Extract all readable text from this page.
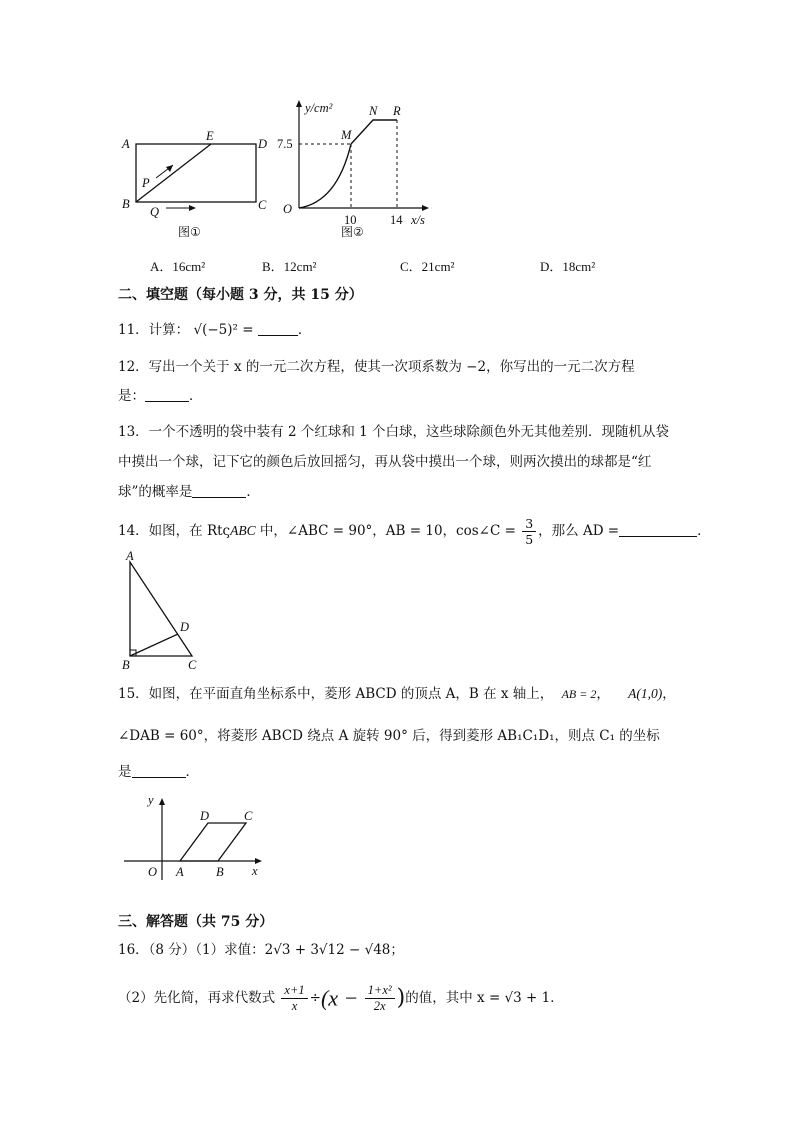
A
B	C
D
E
P
Q
图①
y/cm²
x/s
O
7.5
10	14
M
N R
图②
A．16cm²	B．12cm²	C．21cm²	D．18cm²
二、填空题（每小题 3 分，共 15 分）
11．计算： √(−5)² =	．
12．写出一个关于 x 的一元二次方程，使其一次项系数为 −2，你写出的一元二次方程
是：	．
13．一个不透明的袋中装有 2 个红球和 1 个白球，这些球除颜色外无其他差别．现随机从袋
中摸出一个球，记下它的颜色后放回摇匀，再从袋中摸出一个球，则两次摸出的球都是“红
球”的概率是	．
14．如图，在 RtςABC 中，∠ABC = 90°，AB = 10，cos∠C = $\frac{3}{5}$ ，那么 AD =	．
A
B	C
D
15．如图，在平面直角坐标系中，菱形 ABCD 的顶点 A，B 在 x 轴上， AB = 2， A(1,0)，
∠DAB = 60°，将菱形 ABCD 绕点 A 旋转 90° 后，得到菱形 AB₁C₁D₁，则点 C₁ 的坐标
是	．
y
x
O A	B
C
D
三、解答题（共 75 分）
16．（8 分）（1）求值：2√3 + 3√12 − √48；
（2）先化简，再求代数式 $\frac{x+1}{x} \div(x - \frac{\text{1+x²}}{2x}$ )的值，其中 x = √3 + 1．
